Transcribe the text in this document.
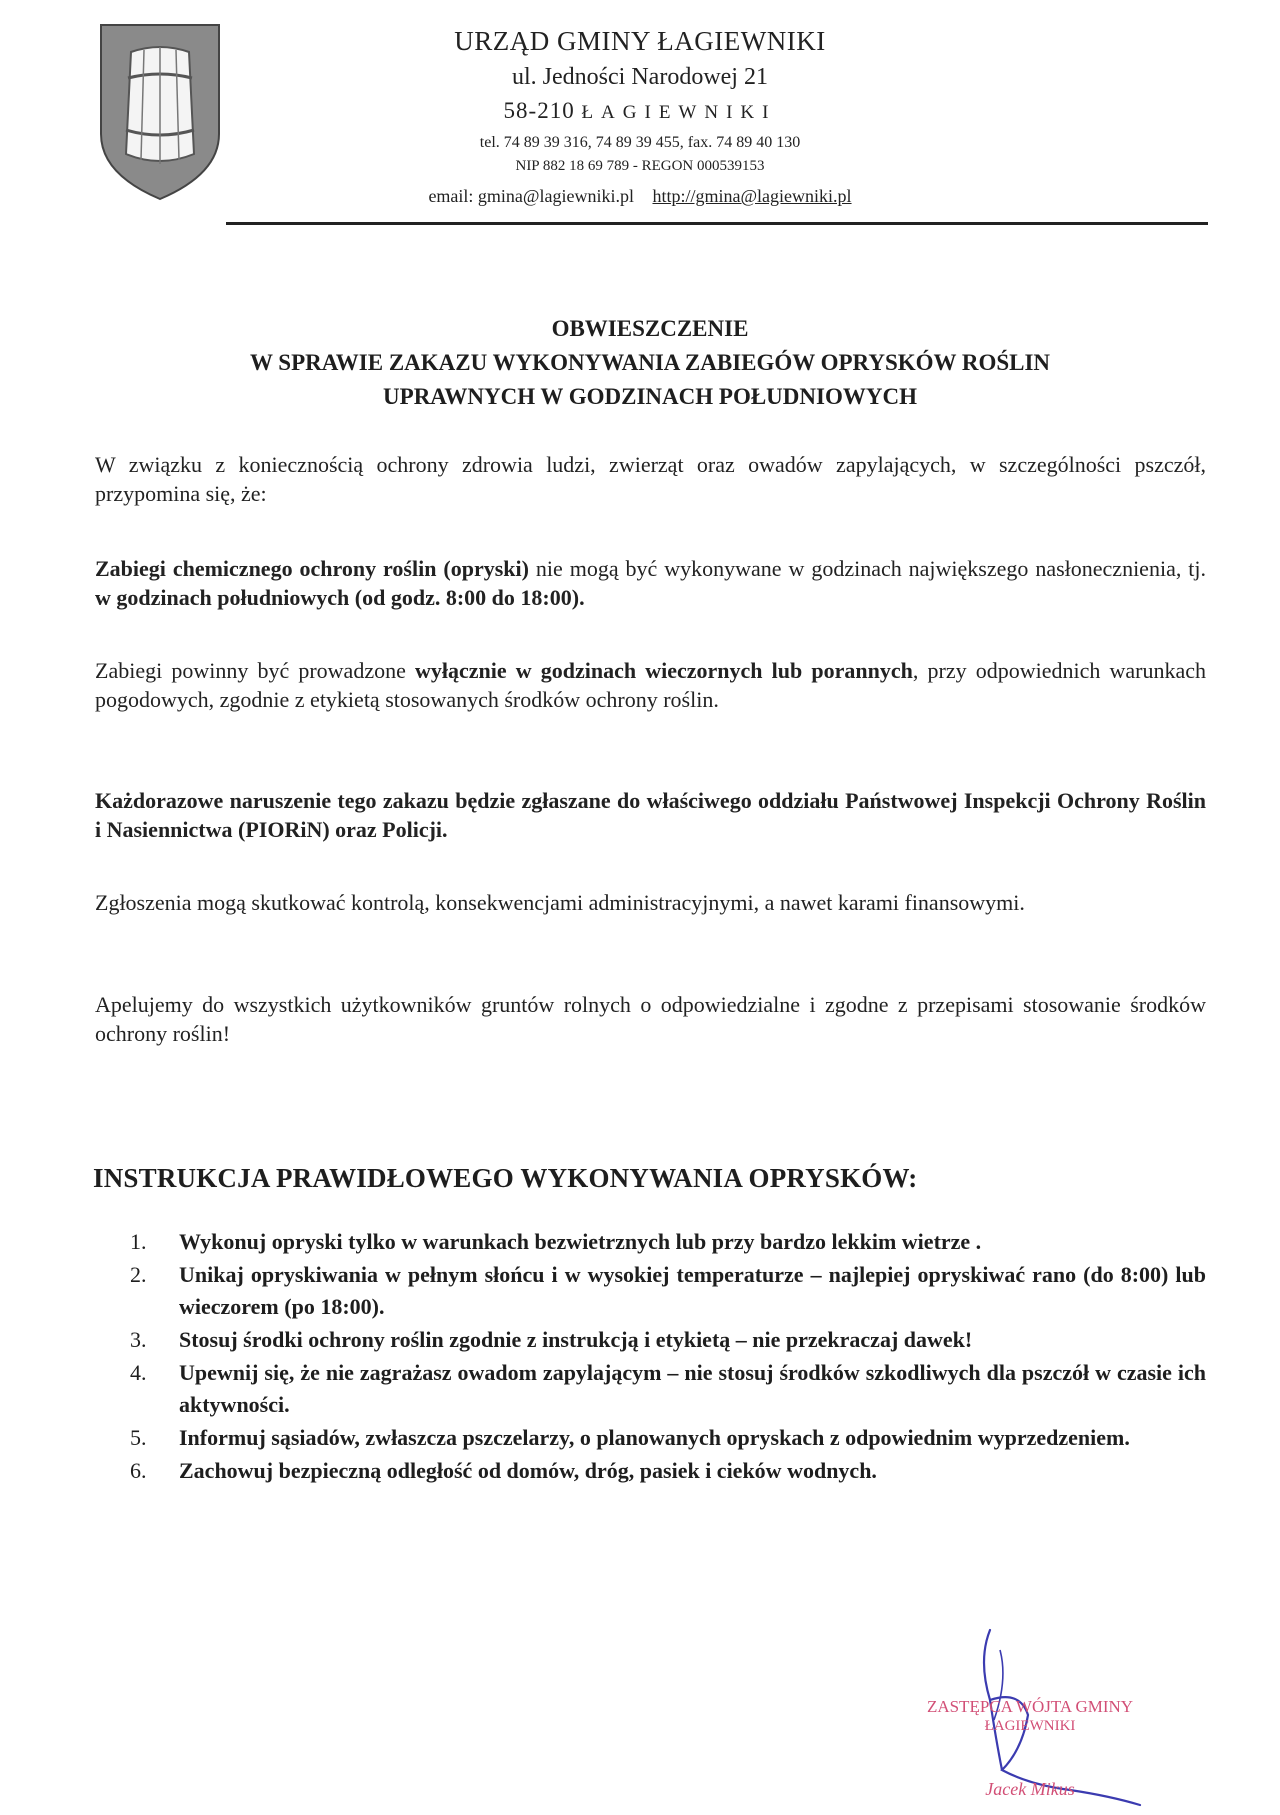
URZĄD GMINY ŁAGIEWNIKI
ul. Jedności Narodowej 21
58-210 ŁAGIEWNIKI
tel. 74 89 39 316, 74 89 39 455, fax. 74 89 40 130
NIP 882 18 69 789 - REGON 000539153
email: gmina@lagiewniki.pl http://gmina@lagiewniki.pl
OBWIESZCZENIE
W SPRAWIE ZAKAZU WYKONYWANIA ZABIEGÓW OPRYSKÓW ROŚLIN
UPRAWNYCH W GODZINACH POŁUDNIOWYCH
W związku z koniecznością ochrony zdrowia ludzi, zwierząt oraz owadów zapylających, w szczególności pszczół, przypomina się, że:
Zabiegi chemicznego ochrony roślin (opryski) nie mogą być wykonywane w godzinach największego nasłonecznienia, tj. w godzinach południowych (od godz. 8:00 do 18:00).
Zabiegi powinny być prowadzone wyłącznie w godzinach wieczornych lub porannych, przy odpowiednich warunkach pogodowych, zgodnie z etykietą stosowanych środków ochrony roślin.
Każdorazowe naruszenie tego zakazu będzie zgłaszane do właściwego oddziału Państwowej Inspekcji Ochrony Roślin i Nasiennictwa (PIORiN) oraz Policji.
Zgłoszenia mogą skutkować kontrolą, konsekwencjami administracyjnymi, a nawet karami finansowymi.
Apelujemy do wszystkich użytkowników gruntów rolnych o odpowiedzialne i zgodne z przepisami stosowanie środków ochrony roślin!
INSTRUKCJA PRAWIDŁOWEGO WYKONYWANIA OPRYSKÓW:
1. Wykonuj opryski tylko w warunkach bezwietrznych lub przy bardzo lekkim wietrze .
2. Unikaj opryskiwania w pełnym słońcu i w wysokiej temperaturze – najlepiej opryskiwać rano (do 8:00) lub wieczorem (po 18:00).
3. Stosuj środki ochrony roślin zgodnie z instrukcją i etykietą – nie przekraczaj dawek!
4. Upewnij się, że nie zagrażasz owadom zapylającym – nie stosuj środków szkodliwych dla pszczół w czasie ich aktywności.
5. Informuj sąsiadów, zwłaszcza pszczelarzy, o planowanych opryskach z odpowiednim wyprzedzeniem.
6. Zachowuj bezpieczną odległość od domów, dróg, pasiek i cieków wodnych.
ZASTĘPCA WÓJTA GMINY
ŁAGIEWNIKI
Jacek Mikus
